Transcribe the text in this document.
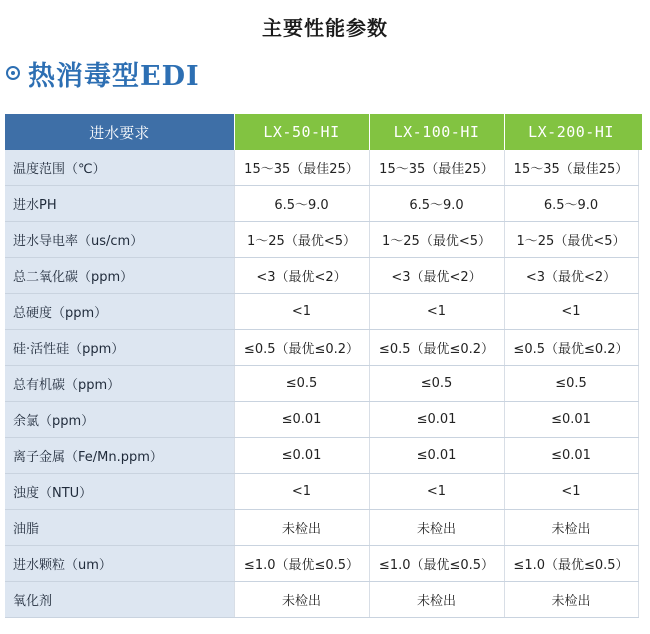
主要性能参数
热消毒型EDI
进水要求	LX-50-HI	LX-100-HI	LX-200-HI
温度范围（℃）	15～35（最佳25）	15～35（最佳25）	15～35（最佳25）
进水PH	6.5～9.0	6.5～9.0	6.5～9.0
进水导电率（us/cm）	1～25（最优<5）	1～25（最优<5）	1～25（最优<5）
总二氧化碳（ppm）	<3（最优<2）	<3（最优<2）	<3（最优<2）
总硬度（ppm）	<1	<1	<1
硅·活性硅（ppm）	≤0.5（最优≤0.2）	≤0.5（最优≤0.2）	≤0.5（最优≤0.2）
总有机碳（ppm）	≤0.5	≤0.5	≤0.5
余氯（ppm）	≤0.01	≤0.01	≤0.01
离子金属（Fe/Mn.ppm）	≤0.01	≤0.01	≤0.01
浊度（NTU）	<1	<1	<1
油脂	未检出	未检出	未检出
进水颗粒（um）	≤1.0（最优≤0.5）	≤1.0（最优≤0.5）	≤1.0（最优≤0.5）
氧化剂	未检出	未检出	未检出
